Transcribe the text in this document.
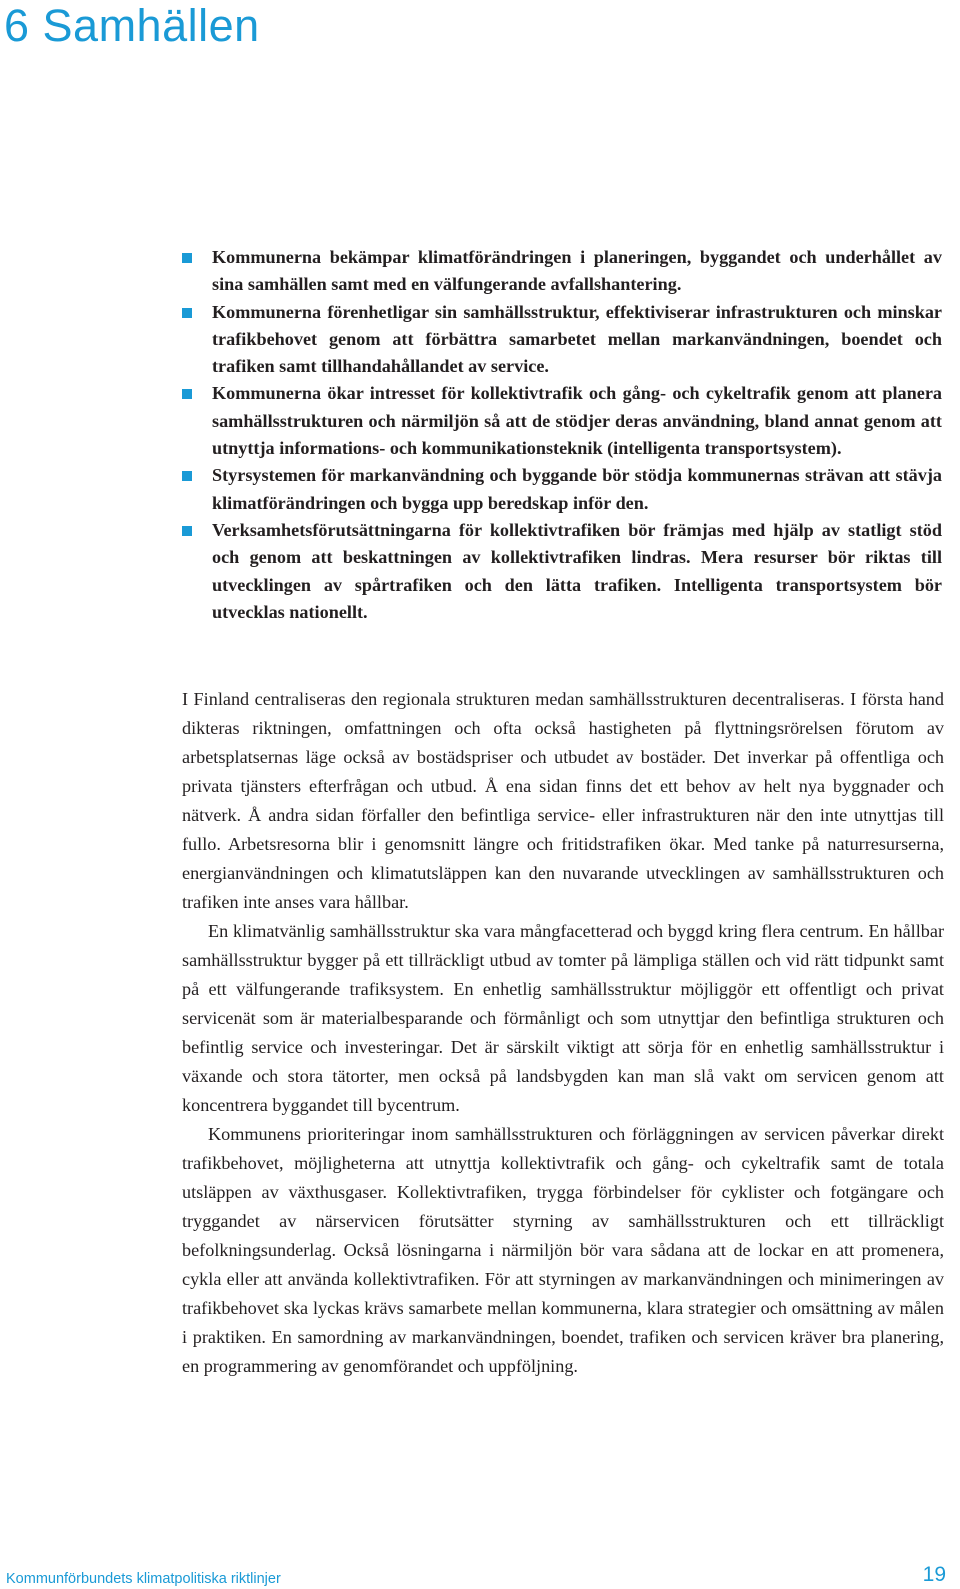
6 Samhällen
Kommunerna bekämpar klimatförändringen i planeringen, byggandet och underhållet av sina samhällen samt med en välfungerande avfallshantering.
Kommunerna förenhetligar sin samhällsstruktur, effektiviserar infrastrukturen och minskar trafikbehovet genom att förbättra samarbetet mellan markanvändningen, boendet och trafiken samt tillhandahållandet av service.
Kommunerna ökar intresset för kollektivtrafik och gång- och cykeltrafik genom att planera samhällsstrukturen och närmiljön så att de stödjer deras användning, bland annat genom att utnyttja informations- och kommunikationsteknik (intelligenta transportsystem).
Styrsystemen för markanvändning och byggande bör stödja kommunernas strävan att stävja klimatförändringen och bygga upp beredskap inför den.
Verksamhetsförutsättningarna för kollektivtrafiken bör främjas med hjälp av statligt stöd och genom att beskattningen av kollektivtrafiken lindras. Mera resurser bör riktas till utvecklingen av spårtrafiken och den lätta trafiken. Intelligenta transportsystem bör utvecklas nationellt.

I Finland centraliseras den regionala strukturen medan samhällsstrukturen decentraliseras. I första hand dikteras riktningen, omfattningen och ofta också hastigheten på flyttningsrörelsen förutom av arbetsplatsernas läge också av bostädspriser och utbudet av bostäder. Det inverkar på offentliga och privata tjänsters efterfrågan och utbud. Å ena sidan finns det ett behov av helt nya byggnader och nätverk. Å andra sidan förfaller den befintliga service- eller infrastrukturen när den inte utnyttjas till fullo. Arbetsresorna blir i genomsnitt längre och fritidstrafiken ökar. Med tanke på naturresurserna, energianvändningen och klimatutsläppen kan den nuvarande utvecklingen av samhällsstrukturen och trafiken inte anses vara hållbar.

En klimatvänlig samhällsstruktur ska vara mångfacetterad och byggd kring flera centrum. En hållbar samhällsstruktur bygger på ett tillräckligt utbud av tomter på lämpliga ställen och vid rätt tidpunkt samt på ett välfungerande trafiksystem. En enhetlig samhällsstruktur möjliggör ett offentligt och privat servicenät som är materialbesparande och förmånligt och som utnyttjar den befintliga strukturen och befintlig service och investeringar. Det är särskilt viktigt att sörja för en enhetlig samhällsstruktur i växande och stora tätorter, men också på landsbygden kan man slå vakt om servicen genom att koncentrera byggandet till bycentrum.

Kommunens prioriteringar inom samhällsstrukturen och förläggningen av servicen påverkar direkt trafikbehovet, möjligheterna att utnyttja kollektivtrafik och gång- och cykeltrafik samt de totala utsläppen av växthusgaser. Kollektivtrafiken, trygga förbindelser för cyklister och fotgängare och tryggandet av närservicen förutsätter styrning av samhällsstrukturen och ett tillräckligt befolkningsunderlag. Också lösningarna i närmiljön bör vara sådana att de lockar en att promenera, cykla eller att använda kollektivtrafiken. För att styrningen av markanvändningen och minimeringen av trafikbehovet ska lyckas krävs samarbete mellan kommunerna, klara strategier och omsättning av målen i praktiken. En samordning av markanvändningen, boendet, trafiken och servicen kräver bra planering, en programmering av genomförandet och uppföljning.

Kommunförbundets klimatpolitiska riktlinjer	19
